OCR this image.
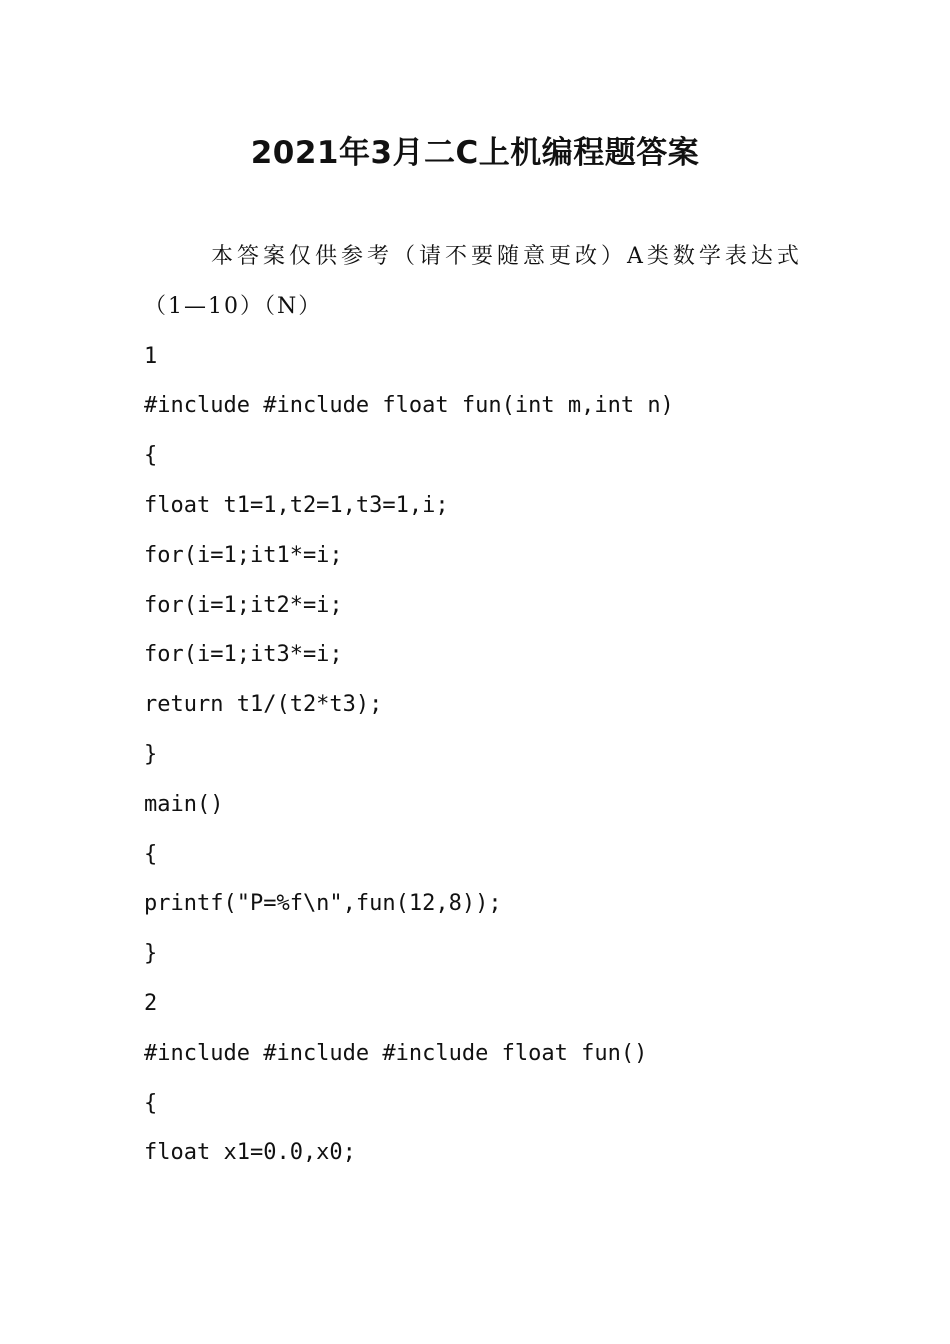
2021年3月二C上机编程题答案
本答案仅供参考（请不要随意更改）A类数学表达式
（1—10）（N）
1
#include #include float fun(int m,int n)
{
float t1=1,t2=1,t3=1,i;
for(i=1;it1*=i;
for(i=1;it2*=i;
for(i=1;it3*=i;
return t1/(t2*t3);
}
main()
{
printf("P=%f\n",fun(12,8));
}
2
#include #include #include float fun()
{
float x1=0.0,x0;
